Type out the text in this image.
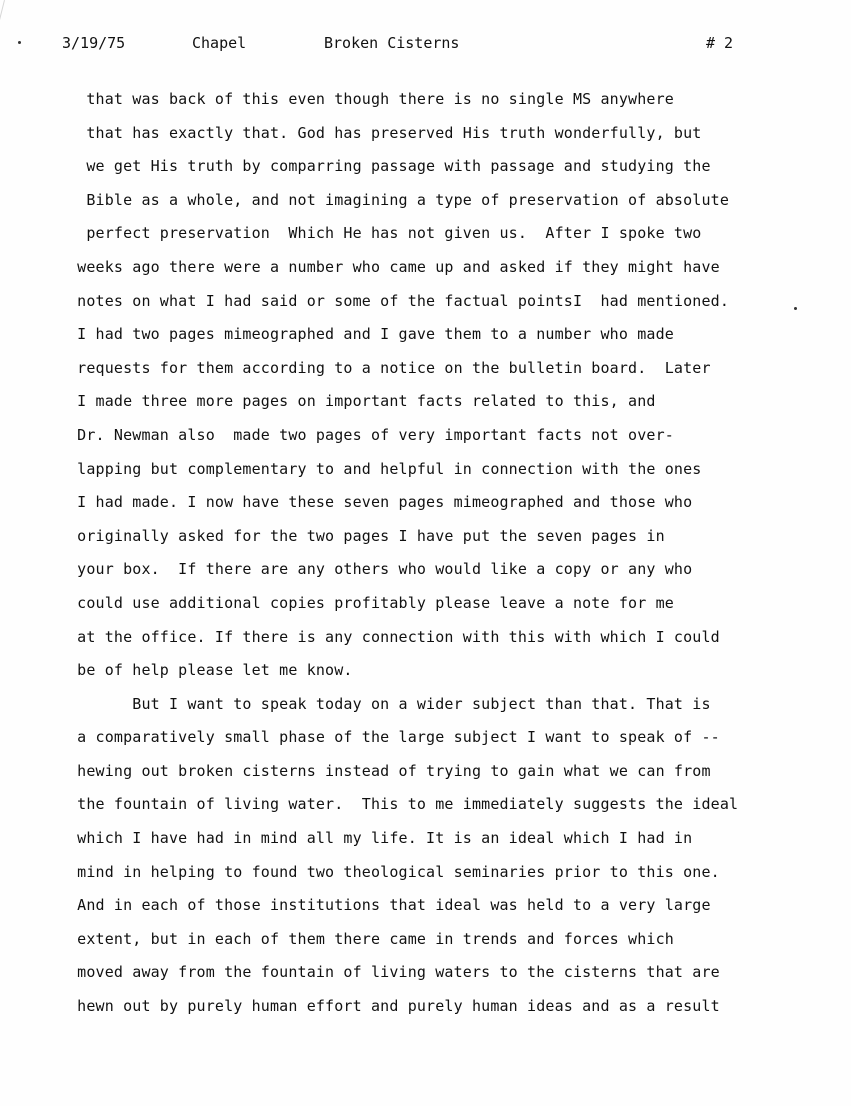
3/19/75

	Chapel

	Broken Cisterns

	# 2

that was back of this even though there is no single MS anywhere
that has exactly that. God has preserved His truth wonderfully, but
we get His truth by comparring passage with passage and studying the
Bible as a whole, and not imagining a type of preservation of absolute
perfect preservation  Which He has not given us.  After I spoke two
weeks ago there were a number who came up and asked if they might have
notes on what I had said or some of the factual pointsI  had mentioned.
I had two pages mimeographed and I gave them to a number who made
requests for them according to a notice on the bulletin board.  Later
I made three more pages on important facts related to this, and
Dr. Newman also  made two pages of very important facts not over-
lapping but complementary to and helpful in connection with the ones
I had made. I now have these seven pages mimeographed and those who
originally asked for the two pages I have put the seven pages in
your box.  If there are any others who would like a copy or any who
could use additional copies profitably please leave a note for me
at the office. If there is any connection with this with which I could
be of help please let me know.
But I want to speak today on a wider subject than that. That is
a comparatively small phase of the large subject I want to speak of --
hewing out broken cisterns instead of trying to gain what we can from
the fountain of living water.  This to me immediately suggests the ideal
which I have had in mind all my life. It is an ideal which I had in
mind in helping to found two theological seminaries prior to this one.
And in each of those institutions that ideal was held to a very large
extent, but in each of them there came in trends and forces which
moved away from the fountain of living waters to the cisterns that are
hewn out by purely human effort and purely human ideas and as a result
